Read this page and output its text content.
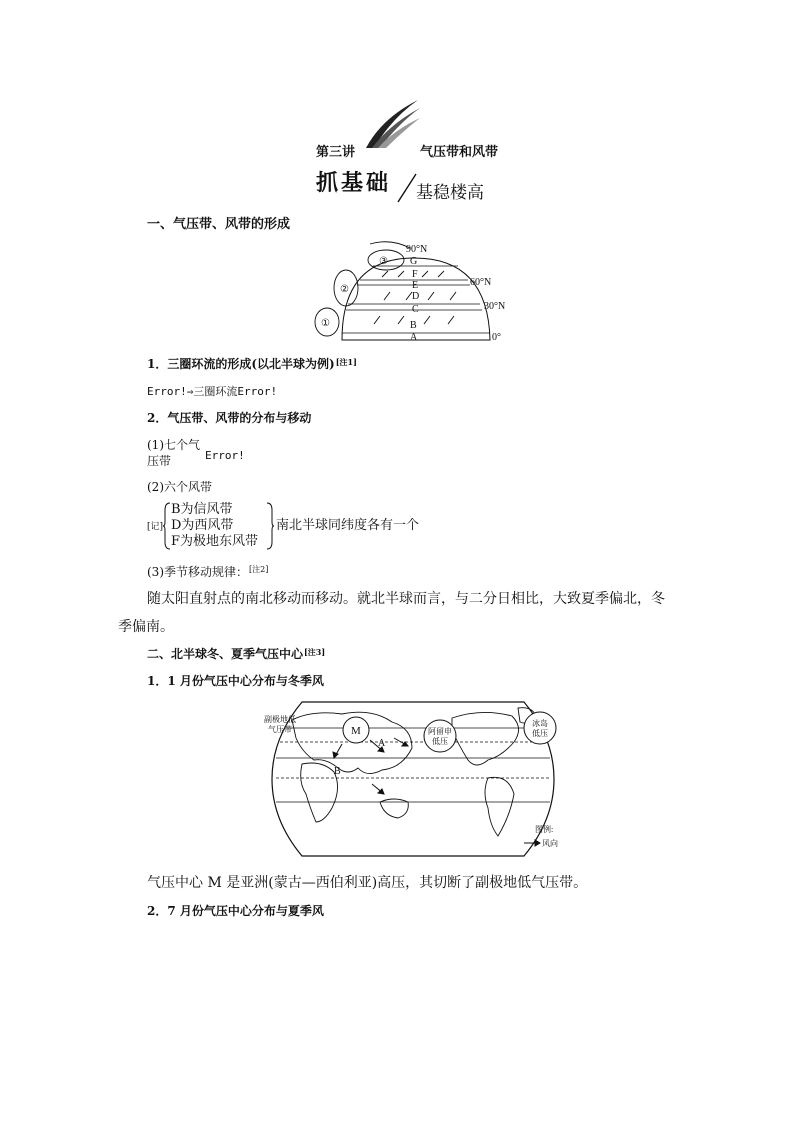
第三讲	气压带和风带
抓基础 基稳楼高
一、气压带、风带的形成
G
F
E
D
C
B
A
90°N
60°N
30°N
0°
①
②
③
1．三圈环流的形成(以北半球为例)[注1]
Error!⇒三圈环流Error!
2．气压带、风带的分布与移动
(1)七个气
压带	Error!
(2)六个风带
[记]
B为信风带
D为西风带
F为极地东风带
南北半球同纬度各有一个
(3)季节移动规律：[注2]
随太阳直射点的南北移动而移动。就北半球而言，与二分日相比，大致夏季偏北，冬
季偏南。
二、北半球冬、夏季气压中心[注3]
1．1 月份气压中心分布与冬季风
副极地低
气压带	M	阿留申
低压
冰岛
低压
A
B
图例:
风向
气压中心 M 是亚洲(蒙古—西伯利亚)高压，其切断了副极地低气压带。
2．7 月份气压中心分布与夏季风
